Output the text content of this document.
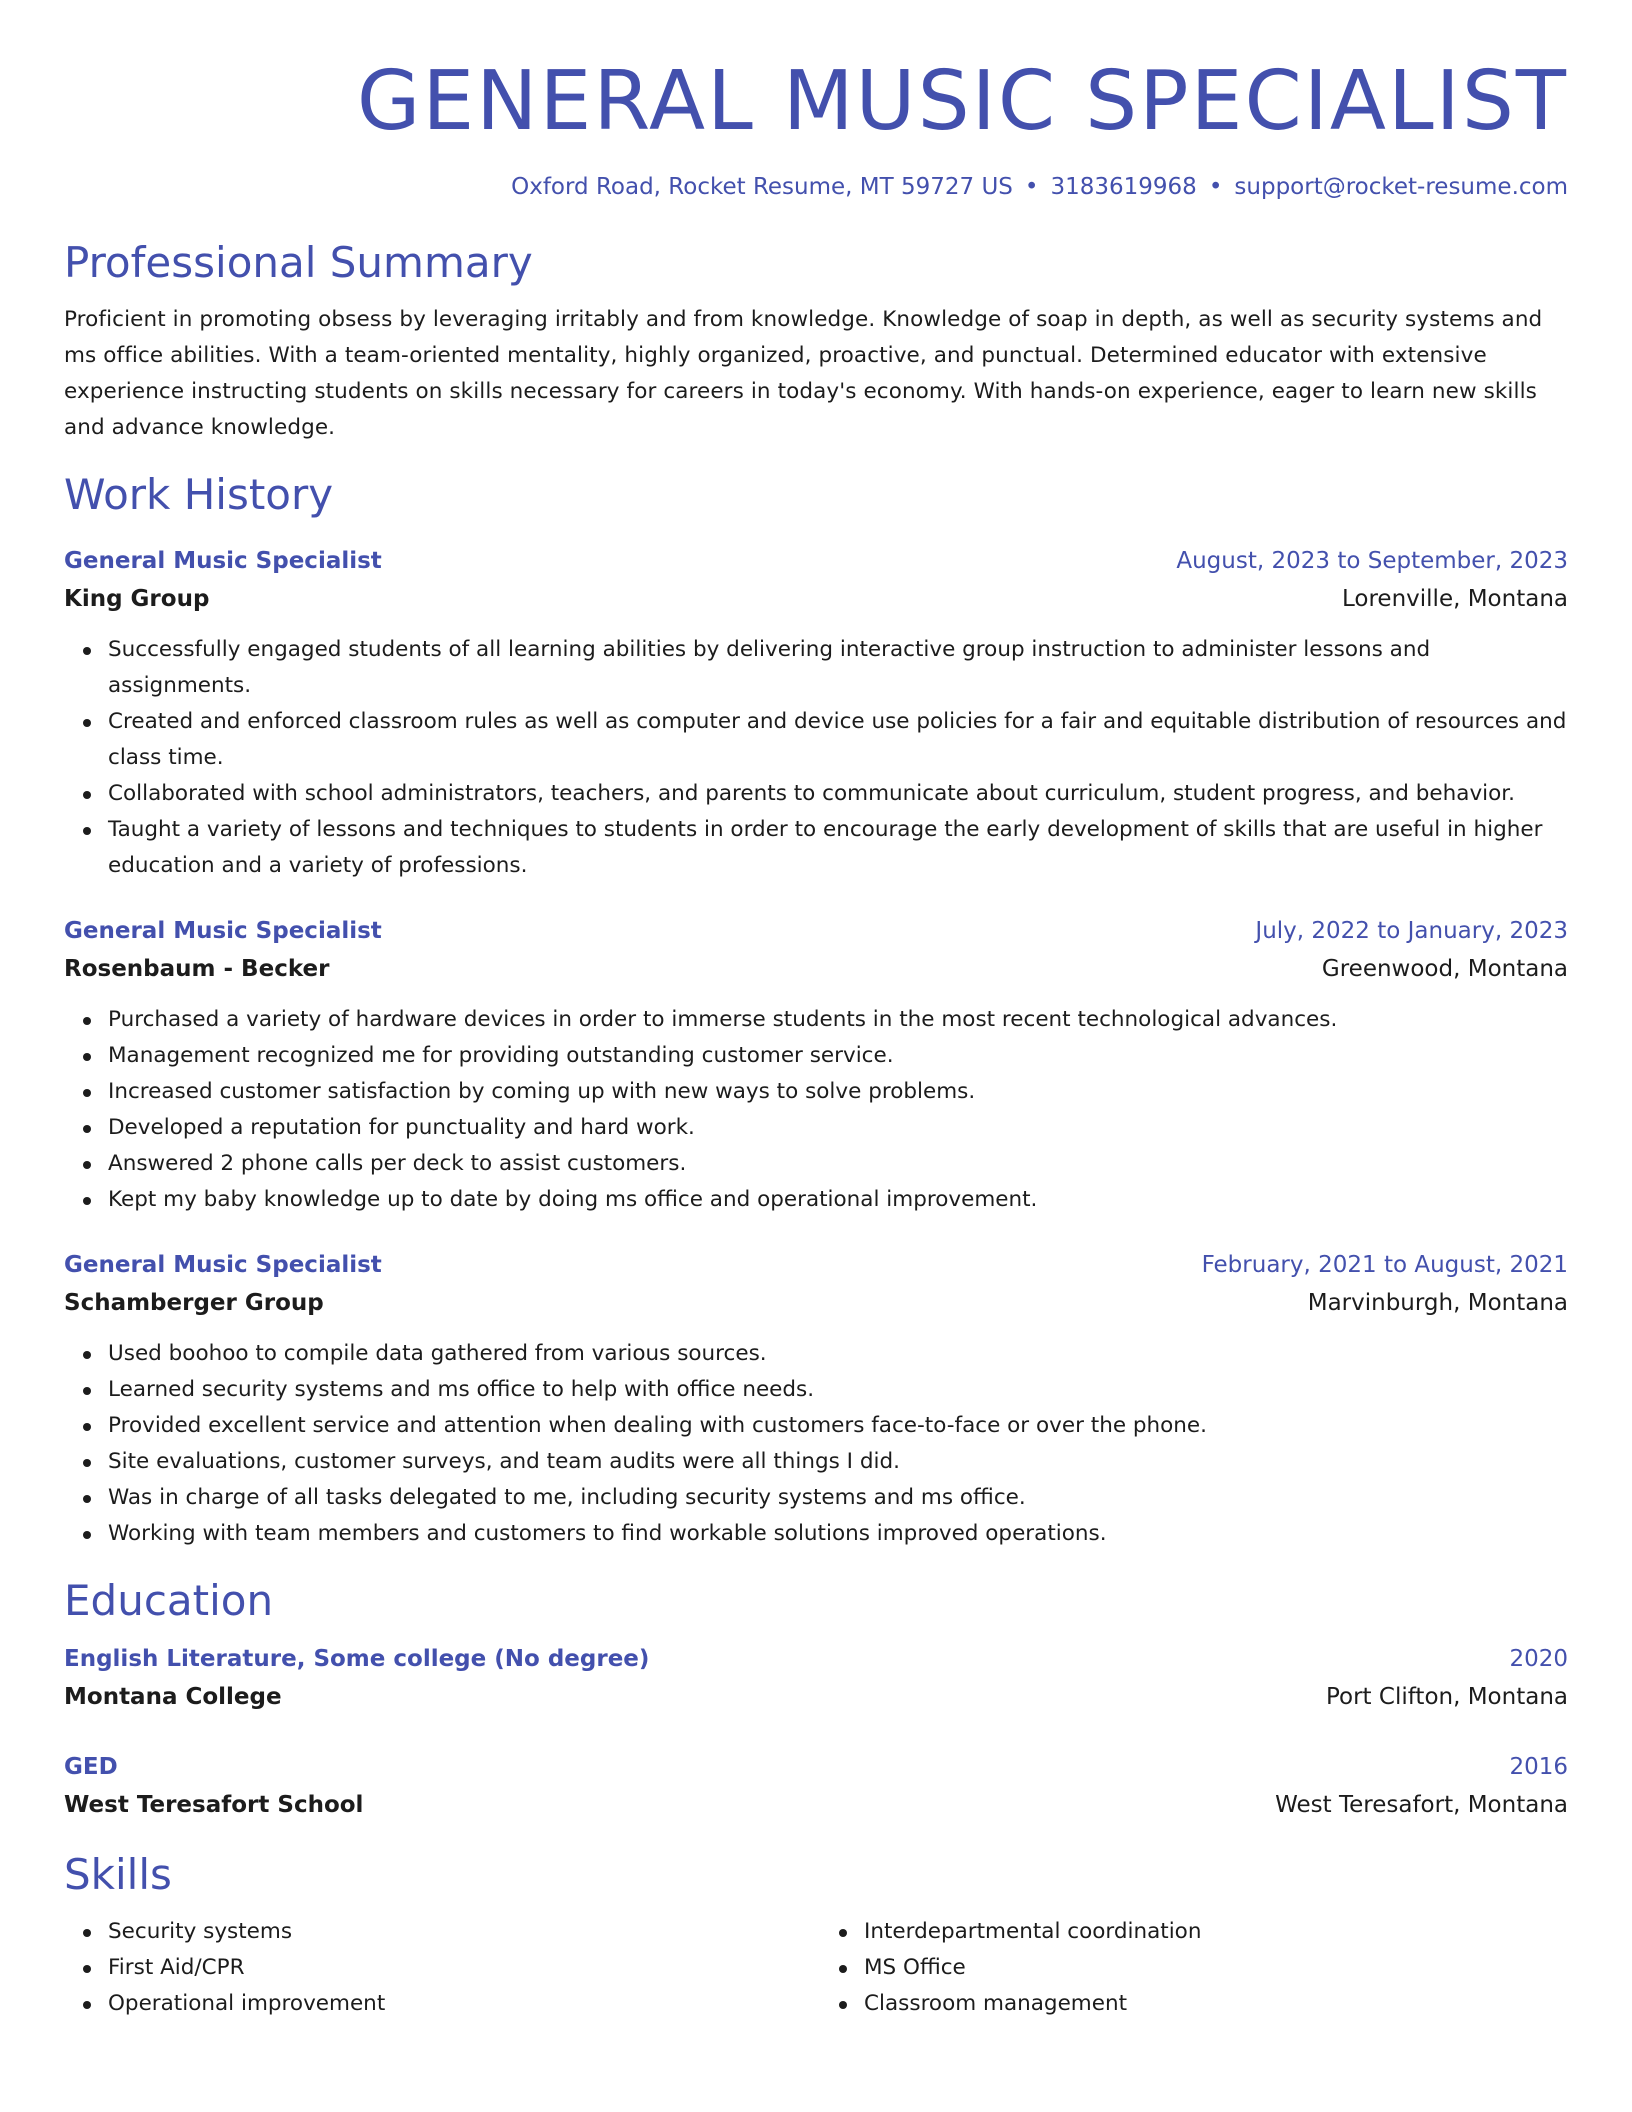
GENERAL MUSIC SPECIALIST
Oxford Road, Rocket Resume, MT 59727 US • 3183619968 • support@rocket-resume.com
Professional Summary

Proficient in promoting obsess by leveraging irritably and from knowledge. Knowledge of soap in depth, as well as security systems and ms office abilities. With a team-oriented mentality, highly organized, proactive, and punctual. Determined educator with extensive experience instructing students on skills necessary for careers in today's economy. With hands-on experience, eager to learn new skills and advance knowledge.

Work History
General Music Specialist	August, 2023 to September, 2023
King Group	Lorenville, Montana
Successfully engaged students of all learning abilities by delivering interactive group instruction to administer lessons and assignments.
Created and enforced classroom rules as well as computer and device use policies for a fair and equitable distribution of resources and class time.
Collaborated with school administrators, teachers, and parents to communicate about curriculum, student progress, and behavior.
Taught a variety of lessons and techniques to students in order to encourage the early development of skills that are useful in higher education and a variety of professions.
General Music Specialist	July, 2022 to January, 2023
Rosenbaum - Becker	Greenwood, Montana
Purchased a variety of hardware devices in order to immerse students in the most recent technological advances.
Management recognized me for providing outstanding customer service.
Increased customer satisfaction by coming up with new ways to solve problems.
Developed a reputation for punctuality and hard work.
Answered 2 phone calls per deck to assist customers.
Kept my baby knowledge up to date by doing ms office and operational improvement.
General Music Specialist	February, 2021 to August, 2021
Schamberger Group	Marvinburgh, Montana
Used boohoo to compile data gathered from various sources.
Learned security systems and ms office to help with office needs.
Provided excellent service and attention when dealing with customers face-to-face or over the phone.
Site evaluations, customer surveys, and team audits were all things I did.
Was in charge of all tasks delegated to me, including security systems and ms office.
Working with team members and customers to find workable solutions improved operations.
Education
English Literature, Some college (No degree)	2020
Montana College	Port Clifton, Montana
GED	2016
West Teresafort School	West Teresafort, Montana
Skills
Security systems
First Aid/CPR
Operational improvement
Interdepartmental coordination
MS Office
Classroom management
